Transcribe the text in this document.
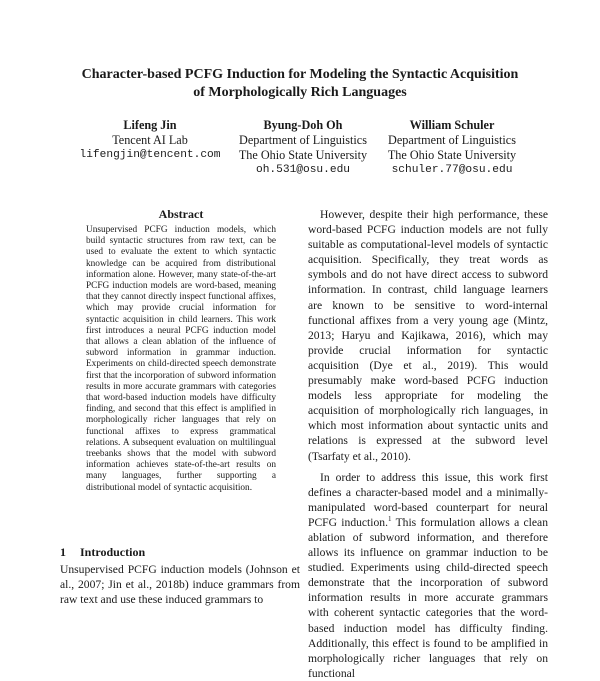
Character-based PCFG Induction for Modeling the Syntactic Acquisition
of Morphologically Rich Languages
Lifeng Jin
Tencent AI Lab
lifengjin@tencent.com
Byung-Doh Oh
Department of Linguistics
The Ohio State University
oh.531@osu.edu
William Schuler
Department of Linguistics
The Ohio State University
schuler.77@osu.edu
Abstract
Unsupervised PCFG induction models, which build syntactic structures from raw text, can be used to evaluate the extent to which syntactic knowledge can be acquired from distributional information alone. However, many state-of-the-art PCFG induction models are word-based, meaning that they cannot directly inspect functional affixes, which may provide crucial information for syntactic acquisition in child learners. This work first introduces a neural PCFG induction model that allows a clean ablation of the influence of subword information in grammar induction. Experiments on child-directed speech demonstrate first that the incorporation of subword information results in more accurate grammars with categories that word-based induction models have difficulty finding, and second that this effect is amplified in morphologically richer languages that rely on functional affixes to express grammatical relations. A subsequent evaluation on multilingual treebanks shows that the model with subword information achieves state-of-the-art results on many languages, further supporting a distributional model of syntactic acquisition.
1 Introduction
Unsupervised PCFG induction models (Johnson et al., 2007; Jin et al., 2018b) induce grammars from raw text and use these induced grammars to

However, despite their high performance, these word-based PCFG induction models are not fully suitable as computational-level models of syntactic acquisition. Specifically, they treat words as symbols and do not have direct access to subword information. In contrast, child language learners are known to be sensitive to word-internal functional affixes from a very young age (Mintz, 2013; Haryu and Kajikawa, 2016), which may provide crucial information for syntactic acquisition (Dye et al., 2019). This would presumably make word-based PCFG induction models less appropriate for modeling the acquisition of morphologically rich languages, in which most information about syntactic units and relations is expressed at the subword level (Tsarfaty et al., 2010).

In order to address this issue, this work first defines a character-based model and a minimally-manipulated word-based counterpart for neural PCFG induction.$^1$ This formulation allows a clean ablation of subword information, and therefore allows its influence on grammar induction to be studied. Experiments using child-directed speech demonstrate that the incorporation of subword information results in more accurate grammars with coherent syntactic categories that the word-based induction model has difficulty finding. Additionally, this effect is found to be amplified in morphologically richer languages that rely on functional
